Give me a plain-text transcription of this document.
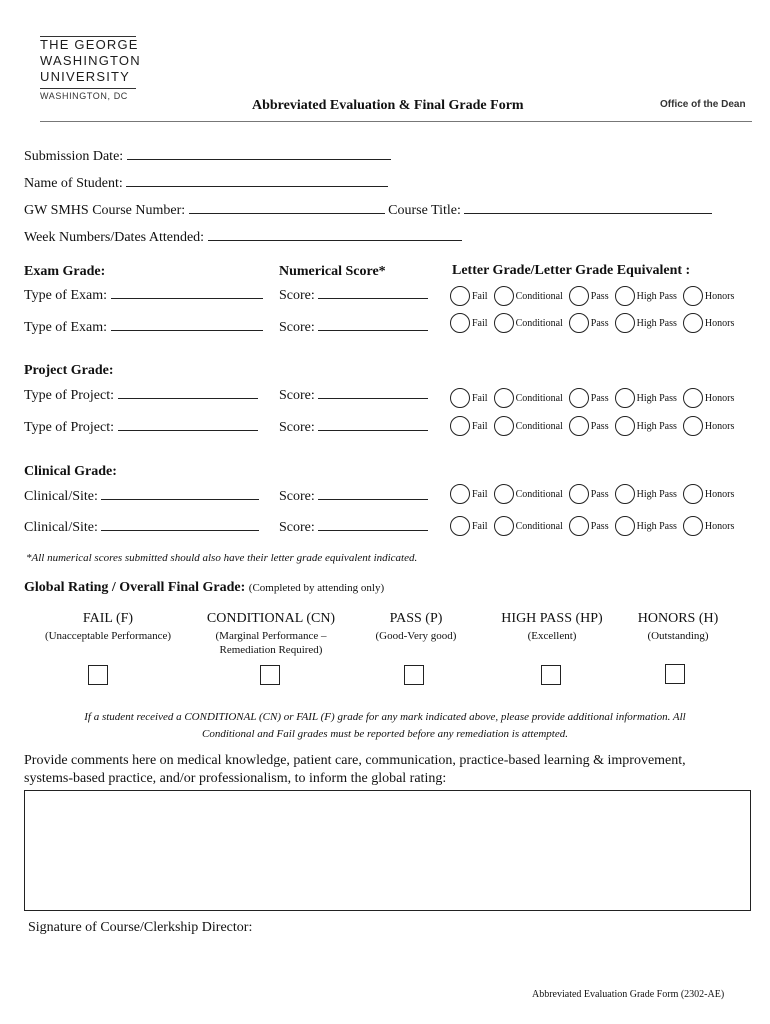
THE GEORGE
WASHINGTON
UNIVERSITY
WASHINGTON, DC
Abbreviated Evaluation & Final Grade Form	Office of the Dean
Submission Date:
Name of Student:
GW SMHS Course Number:	Course Title:
Week Numbers/Dates Attended:
Exam Grade:	Numerical Score*	Letter Grade/Letter Grade Equivalent :
Type of Exam:	Score:	Fail	Conditional	Pass	High Pass	Honors
Type of Exam:	Score:	Fail	Conditional	Pass	High Pass	Honors
Project Grade:
Type of Project:	Score:	Fail	Conditional	Pass	High Pass	Honors
Type of Project:	Score:	Fail	Conditional	Pass	High Pass	Honors
Clinical Grade:
Clinical/Site:	Score:	Fail	Conditional	Pass	High Pass	Honors
Clinical/Site:	Score:	Fail	Conditional	Pass	High Pass	Honors
*All numerical scores submitted should also have their letter grade equivalent indicated.
Global Rating / Overall Final Grade: (Completed by attending only)
FAIL (F)
(Unacceptable Performance)
CONDITIONAL (CN)
(Marginal Performance – Remediation Required)
PASS (P)
(Good-Very good)
HIGH PASS (HP)
(Excellent)
HONORS (H)
(Outstanding)
If a student received a CONDITIONAL (CN) or FAIL (F) grade for any mark indicated above, please provide additional information. All
Conditional and Fail grades must be reported before any remediation is attempted.
Provide comments here on medical knowledge, patient care, communication, practice-based learning & improvement,
systems-based practice, and/or professionalism, to inform the global rating:
Signature of Course/Clerkship Director:
Abbreviated Evaluation Grade Form (2302-AE)
